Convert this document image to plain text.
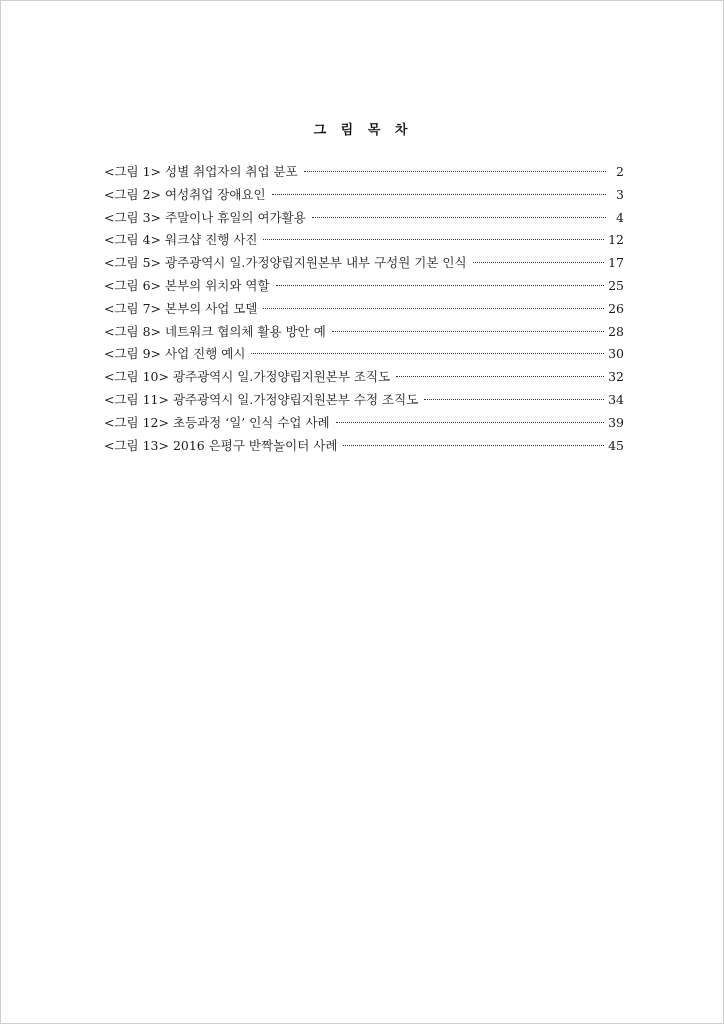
그 림 목 차
<그림 1> 성별 취업자의 취업 분포	2
<그림 2> 여성취업 장애요인	3
<그림 3> 주말이나 휴일의 여가활용	4
<그림 4> 워크샵 진행 사진	12
<그림 5> 광주광역시 일.가정양립지원본부 내부 구성원 기본 인식	17
<그림 6> 본부의 위치와 역할	25
<그림 7> 본부의 사업 모델	26
<그림 8> 네트워크 협의체 활용 방안 예	28
<그림 9> 사업 진행 예시	30
<그림 10> 광주광역시 일.가정양립지원본부 조직도	32
<그림 11> 광주광역시 일.가정양립지원본부 수정 조직도	34
<그림 12> 초등과정 ‘일’ 인식 수업 사례	39
<그림 13> 2016 은평구 반짝놀이터 사례	45
